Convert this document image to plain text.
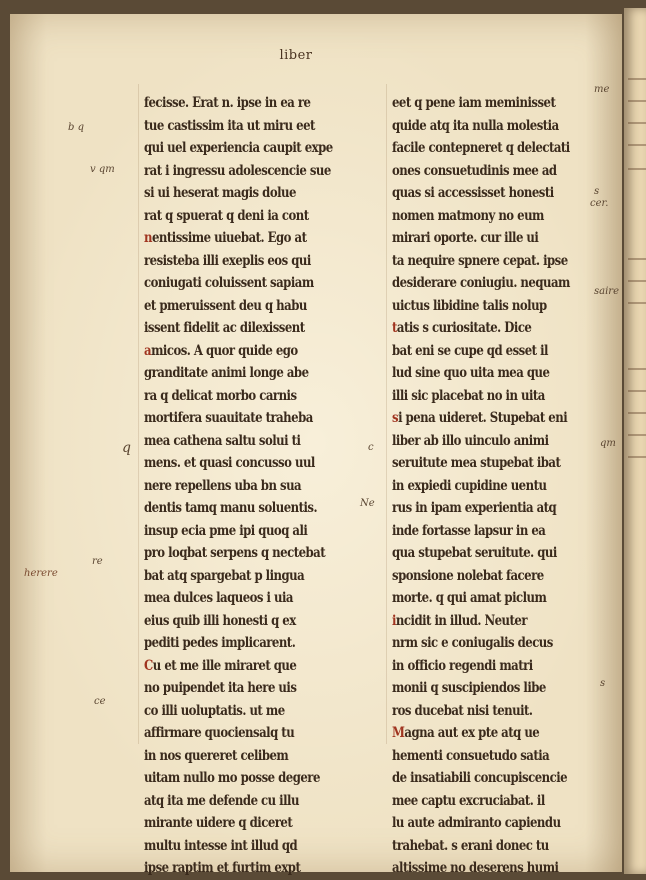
liber
fecisse. Erat n. ipse in ea re
tue castissim ita ut miru eet
qui uel experiencia caupit expe
rat i ingressu adolescencie sue
si ui heserat magis dolue
rat q spuerat q deni ia cont
nentissime uiuebat. Ego at
resisteba illi exeplis eos qui
coniugati coluissent sapiam
et pmeruissent deu q habu
issent fidelit ac dilexissent
amicos. A quor quide ego
granditate animi longe abe
ra q delicat morbo carnis
mortifera suauitate traheba
mea cathena saltu solui ti
mens. et quasi concusso uul
nere repellens uba bn sua
dentis tamq manu soluentis.
insup ecia pme ipi quoq ali
pro loqbat serpens q nectebat
bat atq spargebat p lingua
mea dulces laqueos i uia
eius quib illi honesti q ex
pediti pedes implicarent.
Cu et me ille miraret que
no puipendet ita here uis
co illi uoluptatis. ut me
affirmare quociensalq tu
in nos quereret celibem
uitam nullo mo posse degere
atq ita me defende cu illu
mirante uidere q diceret
multu intesse int illud qd
ipse raptim et furtim expt
eet q pene iam meminisset
quide atq ita nulla molestia
facile contepneret q delectati
ones consuetudinis mee ad
quas si accessisset honesti
nomen matmony no eum
mirari oporte. cur ille ui
ta nequire spnere cepat. ipse
desiderare coniugiu. nequam
uictus libidine talis nolup
tatis s curiositate. Dice
bat eni se cupe qd esset il
lud sine quo uita mea que
illi sic placebat no in uita
si pena uideret. Stupebat eni
liber ab illo uinculo animi
seruitute mea stupebat ibat
in expiedi cupidine uentu
rus in ipam experientia atq
inde fortasse lapsur in ea
qua stupebat seruitute. qui
sponsione nolebat facere
morte. q qui amat piclum
incidit in illud. Neuter
nrm sic e coniugalis decus
in officio regendi matri
monii q suscipiendos libe
ros ducebat nisi tenuit.
Magna aut ex pte atq ue
hementi consuetudo satia
de insatiabili concupiscencie
mee captu excruciabat. il
lu aute admiranto capiendu
trahebat. s erani donec tu
altissime no deserens humi
b q
v qm
re
ce
herere
q
me
s
cer.
saire
qm
s
Ne
c
